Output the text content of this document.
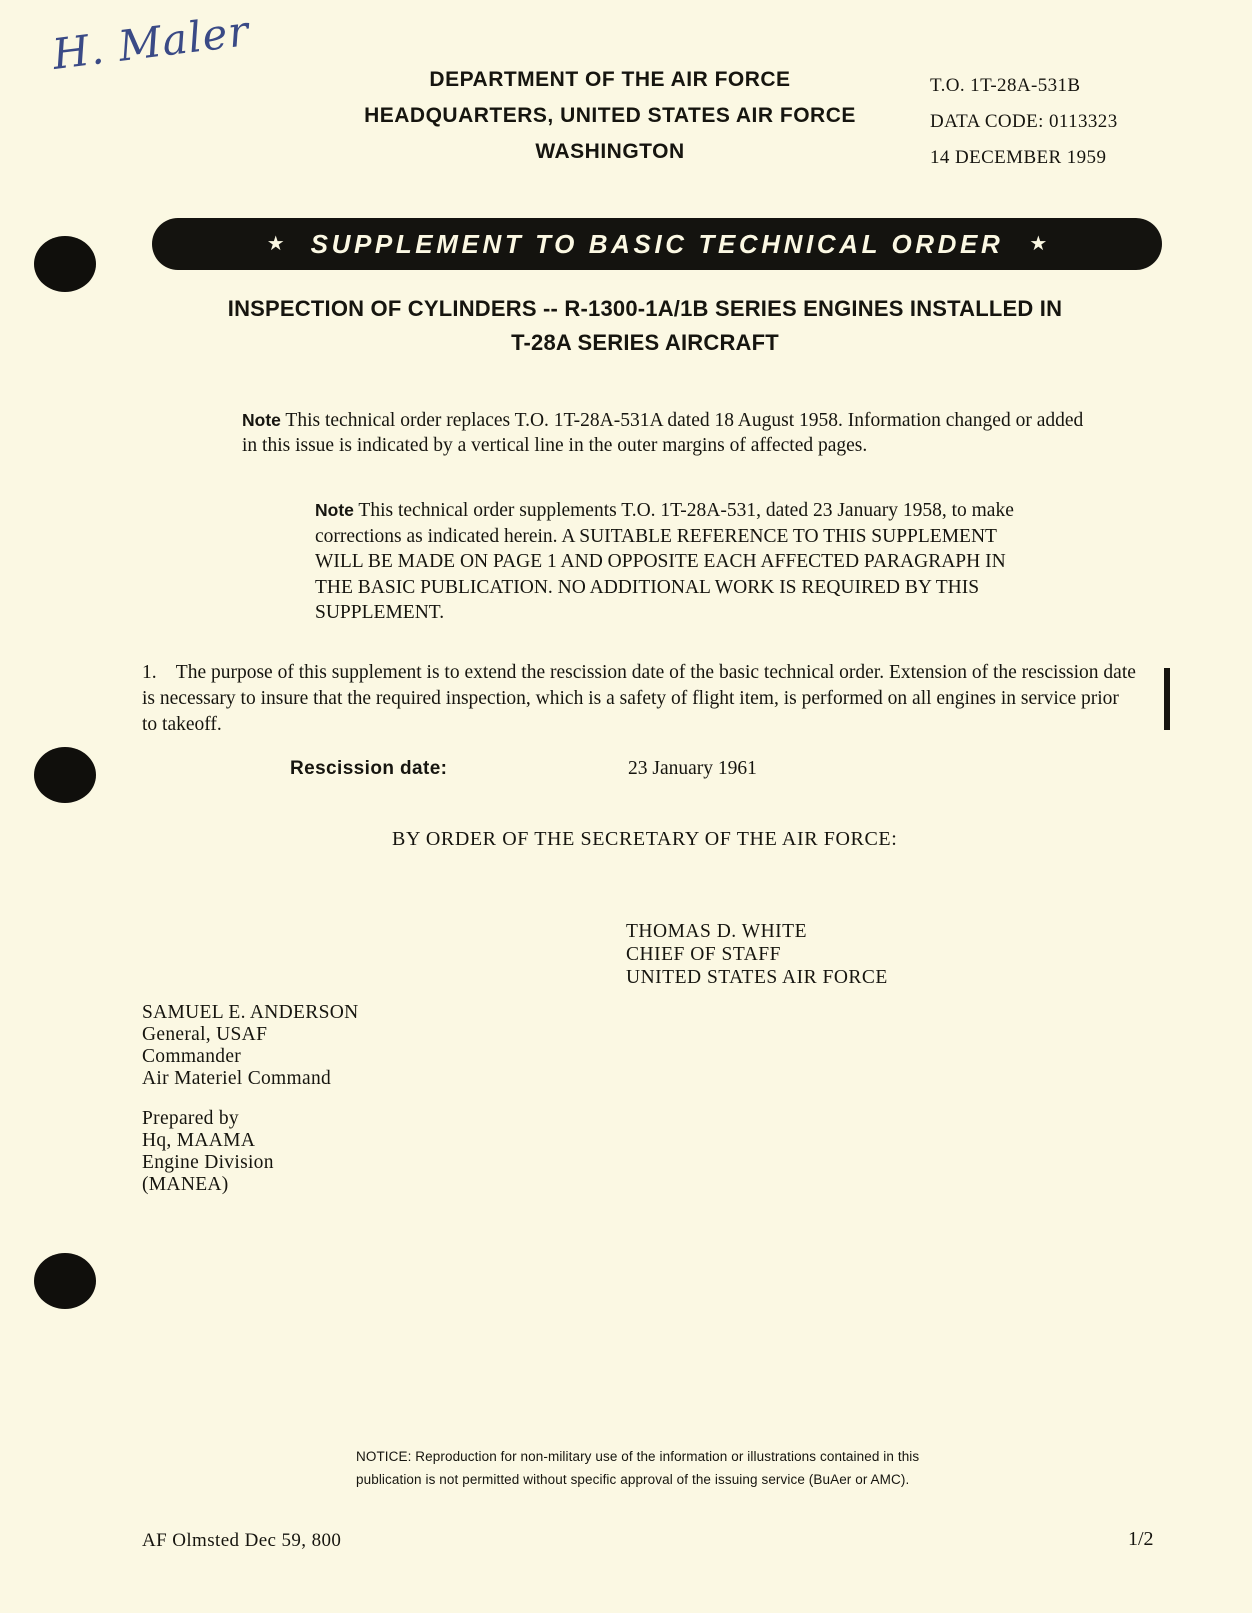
H. Maler
DEPARTMENT OF THE AIR FORCE
HEADQUARTERS, UNITED STATES AIR FORCE
WASHINGTON
T.O. 1T-28A-531B
DATA CODE: 0113323
14 DECEMBER 1959
★ SUPPLEMENT TO BASIC TECHNICAL ORDER ★
INSPECTION OF CYLINDERS -- R-1300-1A/1B SERIES ENGINES INSTALLED IN
T-28A SERIES AIRCRAFT
Note This technical order replaces T.O. 1T-28A-531A dated 18 August 1958. Information changed or added in this issue is indicated by a vertical line in the outer margins of affected pages.
Note This technical order supplements T.O. 1T-28A-531, dated 23 January 1958, to make corrections as indicated herein. A SUITABLE REFERENCE TO THIS SUPPLEMENT WILL BE MADE ON PAGE 1 AND OPPOSITE EACH AFFECTED PARAGRAPH IN THE BASIC PUBLICATION. NO ADDITIONAL WORK IS REQUIRED BY THIS SUPPLEMENT.
1. The purpose of this supplement is to extend the rescission date of the basic technical order. Extension of the rescission date is necessary to insure that the required inspection, which is a safety of flight item, is performed on all engines in service prior to takeoff.
Rescission date:	23 January 1961
BY ORDER OF THE SECRETARY OF THE AIR FORCE:
THOMAS D. WHITE
CHIEF OF STAFF
UNITED STATES AIR FORCE
SAMUEL E. ANDERSON
General, USAF
Commander
Air Materiel Command
Prepared by
Hq, MAAMA
Engine Division
(MANEA)
NOTICE: Reproduction for non-military use of the information or illustrations contained in this
publication is not permitted without specific approval of the issuing service (BuAer or AMC).
AF Olmsted Dec 59, 800	1/2
